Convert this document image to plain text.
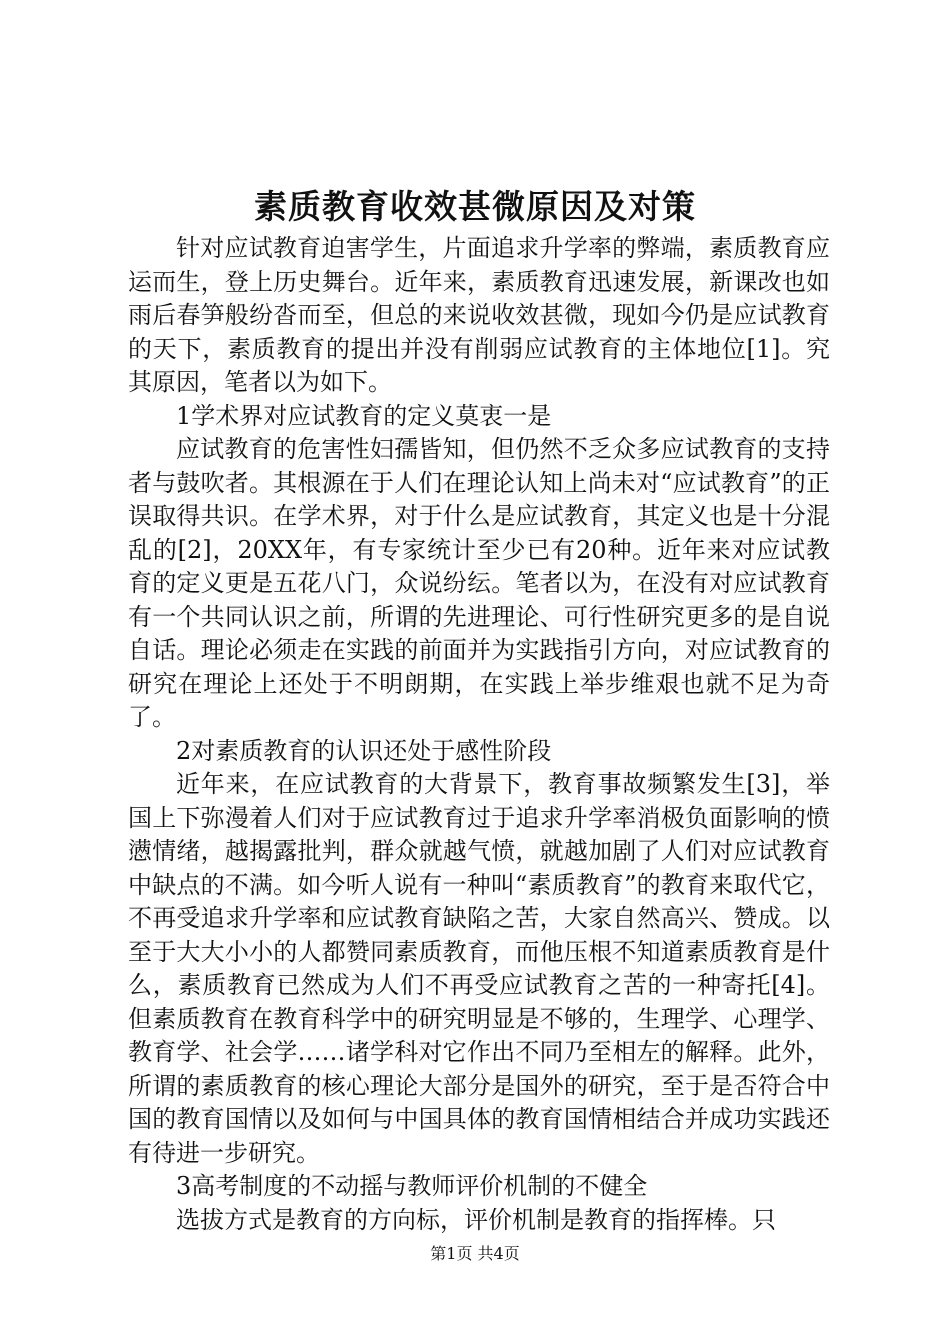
素质教育收效甚微原因及对策

针对应试教育迫害学生，片面追求升学率的弊端，素质教育应运而生，登上历史舞台。近年来，素质教育迅速发展，新课改也如雨后春笋般纷沓而至，但总的来说收效甚微，现如今仍是应试教育的天下，素质教育的提出并没有削弱应试教育的主体地位[1]。究其原因，笔者以为如下。

1学术界对应试教育的定义莫衷一是

应试教育的危害性妇孺皆知，但仍然不乏众多应试教育的支持者与鼓吹者。其根源在于人们在理论认知上尚未对“应试教育”的正误取得共识。在学术界，对于什么是应试教育，其定义也是十分混乱的[2]，20XX年，有专家统计至少已有20种。近年来对应试教育的定义更是五花八门，众说纷纭。笔者以为，在没有对应试教育有一个共同认识之前，所谓的先进理论、可行性研究更多的是自说自话。理论必须走在实践的前面并为实践指引方向，对应试教育的研究在理论上还处于不明朗期，在实践上举步维艰也就不足为奇了。

2对素质教育的认识还处于感性阶段

近年来，在应试教育的大背景下，教育事故频繁发生[3]，举国上下弥漫着人们对于应试教育过于追求升学率消极负面影响的愤懑情绪，越揭露批判，群众就越气愤，就越加剧了人们对应试教育中缺点的不满。如今听人说有一种叫“素质教育”的教育来取代它，不再受追求升学率和应试教育缺陷之苦，大家自然高兴、赞成。以至于大大小小的人都赞同素质教育，而他压根不知道素质教育是什么，素质教育已然成为人们不再受应试教育之苦的一种寄托[4]。但素质教育在教育科学中的研究明显是不够的，生理学、心理学、教育学、社会学……诸学科对它作出不同乃至相左的解释。此外，所谓的素质教育的核心理论大部分是国外的研究，至于是否符合中国的教育国情以及如何与中国具体的教育国情相结合并成功实践还有待进一步研究。

3高考制度的不动摇与教师评价机制的不健全

选拔方式是教育的方向标，评价机制是教育的指挥棒。只

第1页 共4页
